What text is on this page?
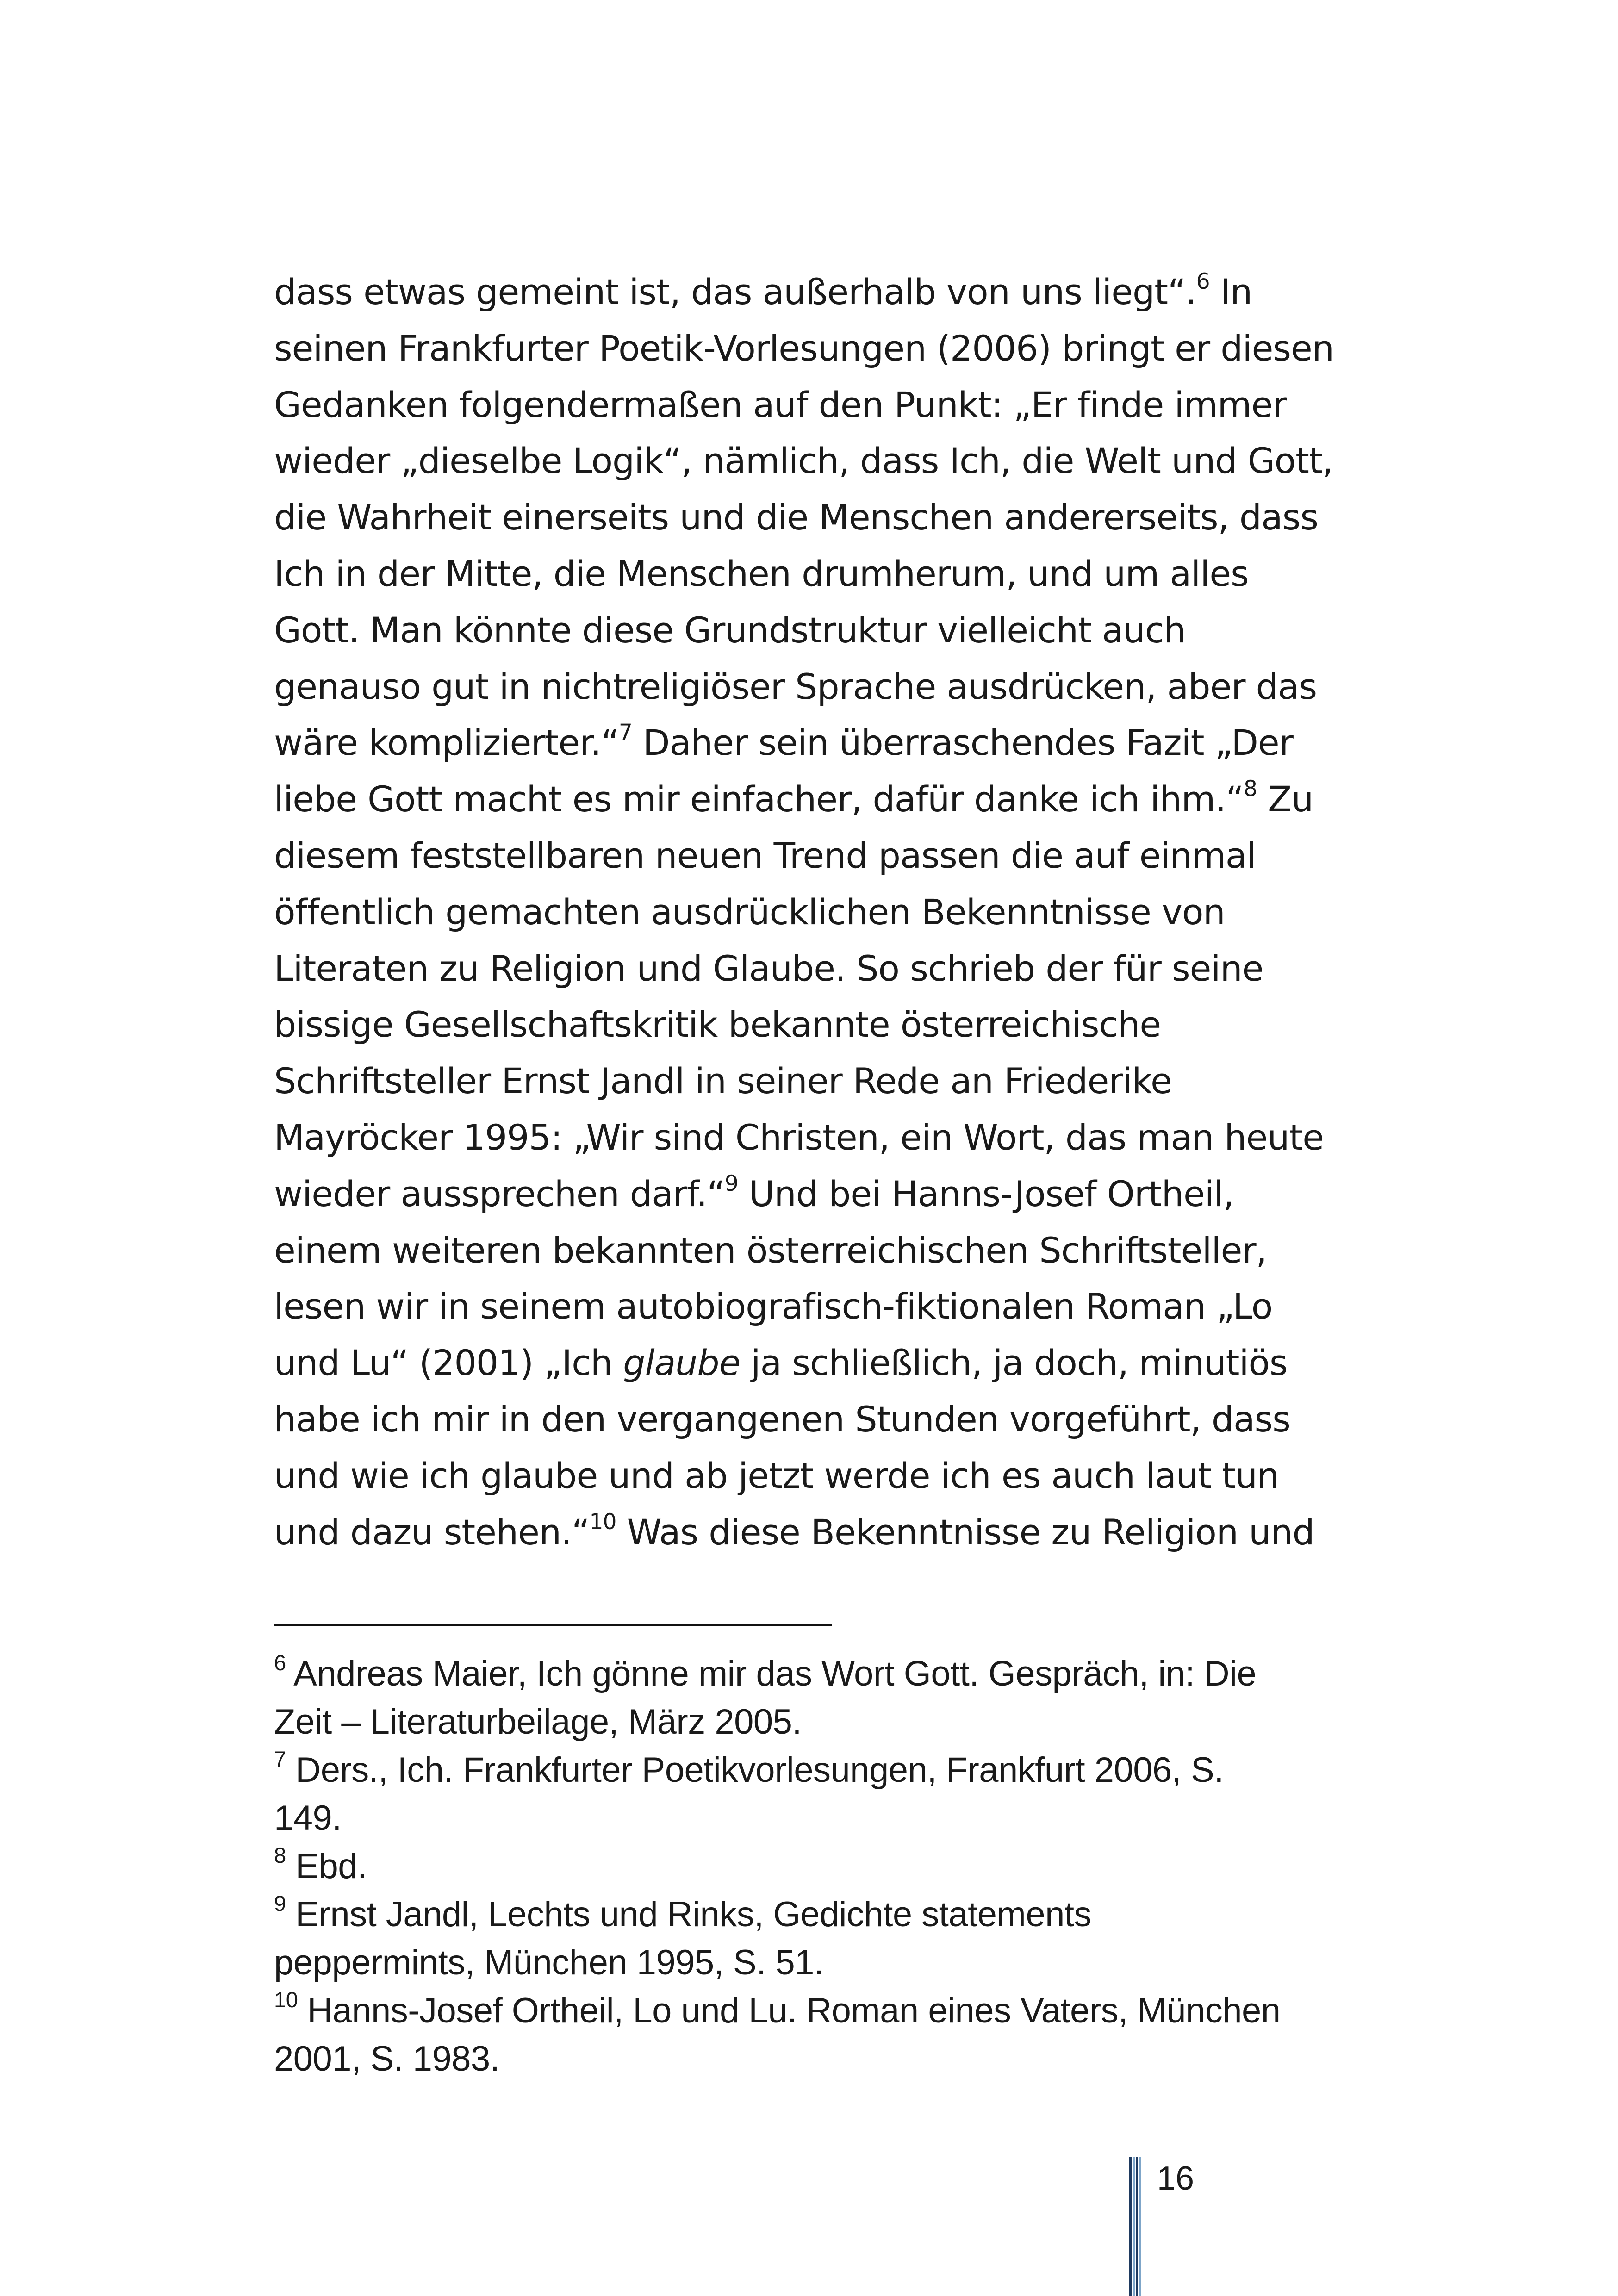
dass etwas gemeint ist, das außerhalb von uns liegt“.$^6$ In
seinen Frankfurter Poetik-Vorlesungen (2006) bringt er diesen
Gedanken folgendermaßen auf den Punkt: „Er finde immer
wieder „dieselbe Logik“, nämlich, dass Ich, die Welt und Gott,
die Wahrheit einerseits und die Menschen andererseits, dass
Ich in der Mitte, die Menschen drumherum, und um alles
Gott. Man könnte diese Grundstruktur vielleicht auch
genauso gut in nichtreligiöser Sprache ausdrücken, aber das
wäre komplizierter.“$^7$ Daher sein überraschendes Fazit „Der
liebe Gott macht es mir einfacher, dafür danke ich ihm.“$^8$ Zu
diesem feststellbaren neuen Trend passen die auf einmal
öffentlich gemachten ausdrücklichen Bekenntnisse von
Literaten zu Religion und Glaube. So schrieb der für seine
bissige Gesellschaftskritik bekannte österreichische
Schriftsteller Ernst Jandl in seiner Rede an Friederike
Mayröcker 1995: „Wir sind Christen, ein Wort, das man heute
wieder aussprechen darf.“$^9$ Und bei Hanns-Josef Ortheil,
einem weiteren bekannten österreichischen Schriftsteller,
lesen wir in seinem autobiografisch-fiktionalen Roman „Lo
und Lu“ (2001) „Ich glaube ja schließlich, ja doch, minutiös
habe ich mir in den vergangenen Stunden vorgeführt, dass
und wie ich glaube und ab jetzt werde ich es auch laut tun
und dazu stehen.“$^{10}$ Was diese Bekenntnisse zu Religion und
$^6$ Andreas Maier, Ich gönne mir das Wort Gott. Gespräch, in: Die
Zeit – Literaturbeilage, März 2005.
$^7$ Ders., Ich. Frankfurter Poetikvorlesungen, Frankfurt 2006, S.
149.
$^8$ Ebd.
$^9$ Ernst Jandl, Lechts und Rinks, Gedichte statements
peppermints, München 1995, S. 51.
$^{10}$ Hanns-Josef Ortheil, Lo und Lu. Roman eines Vaters, München
2001, S. 1983.
16
